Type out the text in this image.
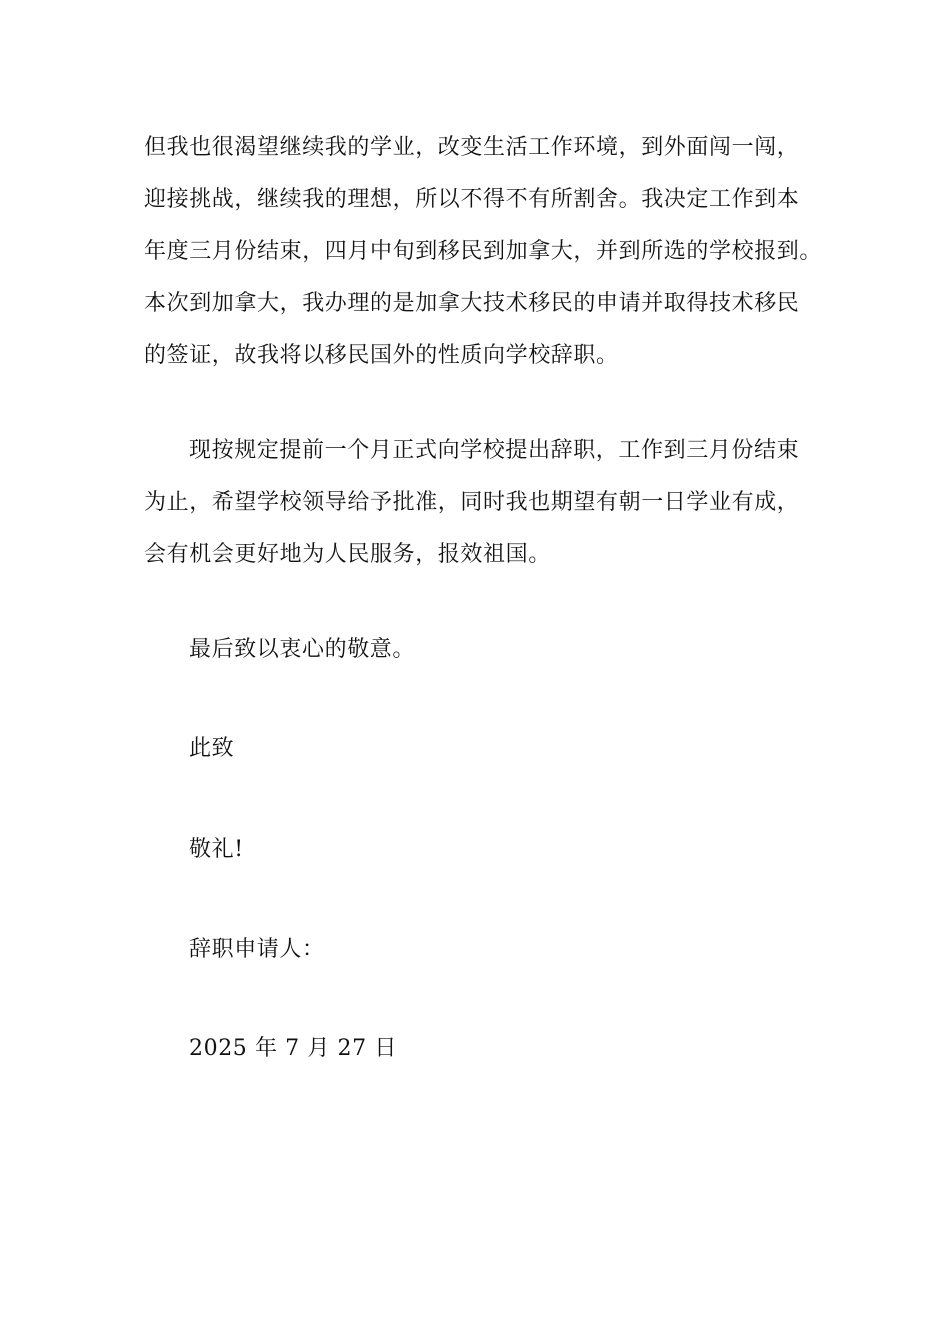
但我也很渴望继续我的学业，改变生活工作环境，到外面闯一闯，
迎接挑战，继续我的理想，所以不得不有所割舍。我决定工作到本
年度三月份结束，四月中旬到移民到加拿大，并到所选的学校报到。
本次到加拿大，我办理的是加拿大技术移民的申请并取得技术移民
的签证，故我将以移民国外的性质向学校辞职。
现按规定提前一个月正式向学校提出辞职，工作到三月份结束
为止，希望学校领导给予批准，同时我也期望有朝一日学业有成，
会有机会更好地为人民服务，报效祖国。
最后致以衷心的敬意。
此致
敬礼!
辞职申请人：
2025 年 7 月 27 日
